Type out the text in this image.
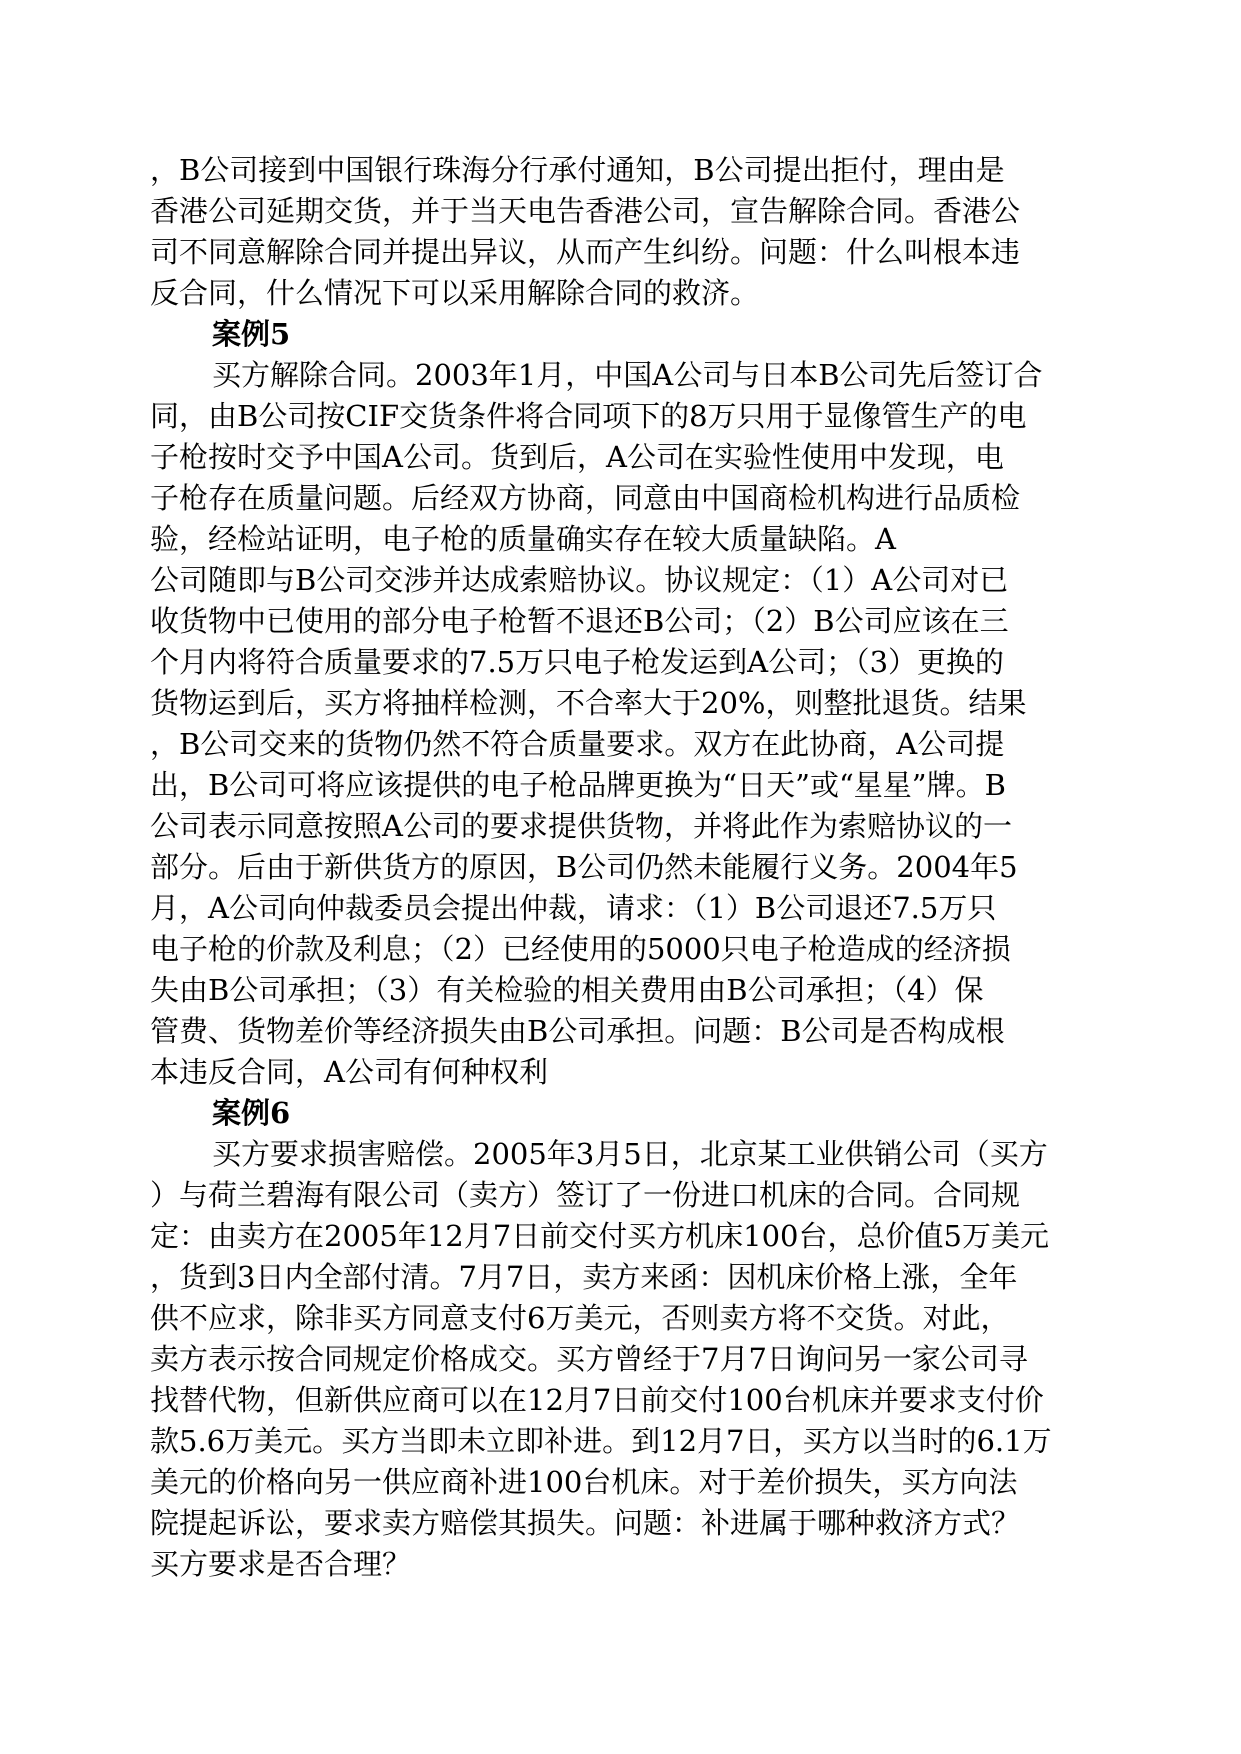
，B公司接到中国银行珠海分行承付通知，B公司提出拒付，理由是
香港公司延期交货，并于当天电告香港公司，宣告解除合同。香港公
司不同意解除合同并提出异议，从而产生纠纷。问题：什么叫根本违
反合同，什么情况下可以采用解除合同的救济。
案例5
买方解除合同。2003年1月，中国A公司与日本B公司先后签订合
同，由B公司按CIF交货条件将合同项下的8万只用于显像管生产的电
子枪按时交予中国A公司。货到后，A公司在实验性使用中发现，电
子枪存在质量问题。后经双方协商，同意由中国商检机构进行品质检
验，经检站证明，电子枪的质量确实存在较大质量缺陷。A
公司随即与B公司交涉并达成索赔协议。协议规定：（1）A公司对已
收货物中已使用的部分电子枪暂不退还B公司；（2）B公司应该在三
个月内将符合质量要求的7.5万只电子枪发运到A公司；（3）更换的
货物运到后，买方将抽样检测，不合率大于20%，则整批退货。结果
，B公司交来的货物仍然不符合质量要求。双方在此协商，A公司提
出，B公司可将应该提供的电子枪品牌更换为“日天”或“星星”牌。B
公司表示同意按照A公司的要求提供货物，并将此作为索赔协议的一
部分。后由于新供货方的原因，B公司仍然未能履行义务。2004年5
月，A公司向仲裁委员会提出仲裁，请求：（1）B公司退还7.5万只
电子枪的价款及利息；（2）已经使用的5000只电子枪造成的经济损
失由B公司承担；（3）有关检验的相关费用由B公司承担；（4）保
管费、货物差价等经济损失由B公司承担。问题：B公司是否构成根
本违反合同，A公司有何种权利
案例6
买方要求损害赔偿。2005年3月5日，北京某工业供销公司（买方
）与荷兰碧海有限公司（卖方）签订了一份进口机床的合同。合同规
定：由卖方在2005年12月7日前交付买方机床100台，总价值5万美元
，货到3日内全部付清。7月7日，卖方来函：因机床价格上涨，全年
供不应求，除非买方同意支付6万美元，否则卖方将不交货。对此，
卖方表示按合同规定价格成交。买方曾经于7月7日询问另一家公司寻
找替代物，但新供应商可以在12月7日前交付100台机床并要求支付价
款5.6万美元。买方当即未立即补进。到12月7日，买方以当时的6.1万
美元的价格向另一供应商补进100台机床。对于差价损失，买方向法
院提起诉讼，要求卖方赔偿其损失。问题：补进属于哪种救济方式？
买方要求是否合理？
